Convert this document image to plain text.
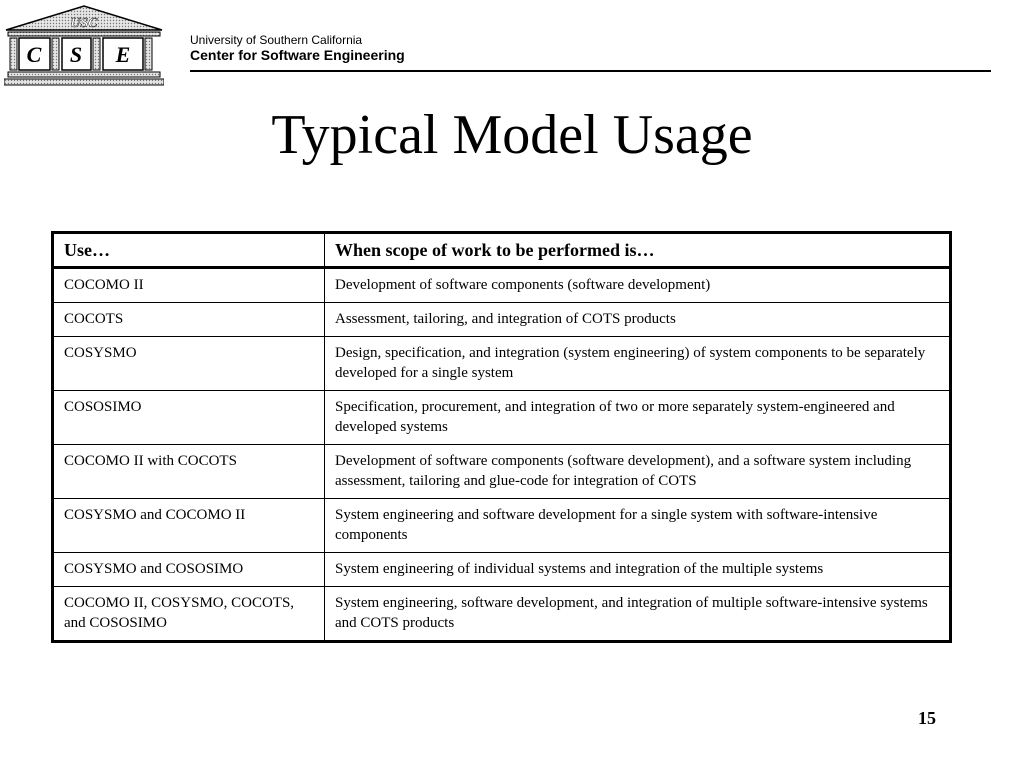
USC
C S E
University of Southern California
Center for Software Engineering
Typical Model Usage
Use…	When scope of work to be performed is…
COCOMO II	Development of software components (software development)
COCOTS	Assessment, tailoring, and integration of COTS products
COSYSMO	Design, specification, and integration (system engineering) of system components to be separately developed for a single system
COSOSIMO	Specification, procurement, and integration of two or more separately system-engineered and developed systems
COCOMO II with COCOTS	Development of software components (software development), and a software system including assessment, tailoring and glue-code for integration of COTS
COSYSMO and COCOMO II	System engineering and software development for a single system with software-intensive components
COSYSMO and COSOSIMO	System engineering of individual systems and integration of the multiple systems
COCOMO II, COSYSMO, COCOTS, and COSOSIMO	System engineering, software development, and integration of multiple software-intensive systems and COTS products
15
